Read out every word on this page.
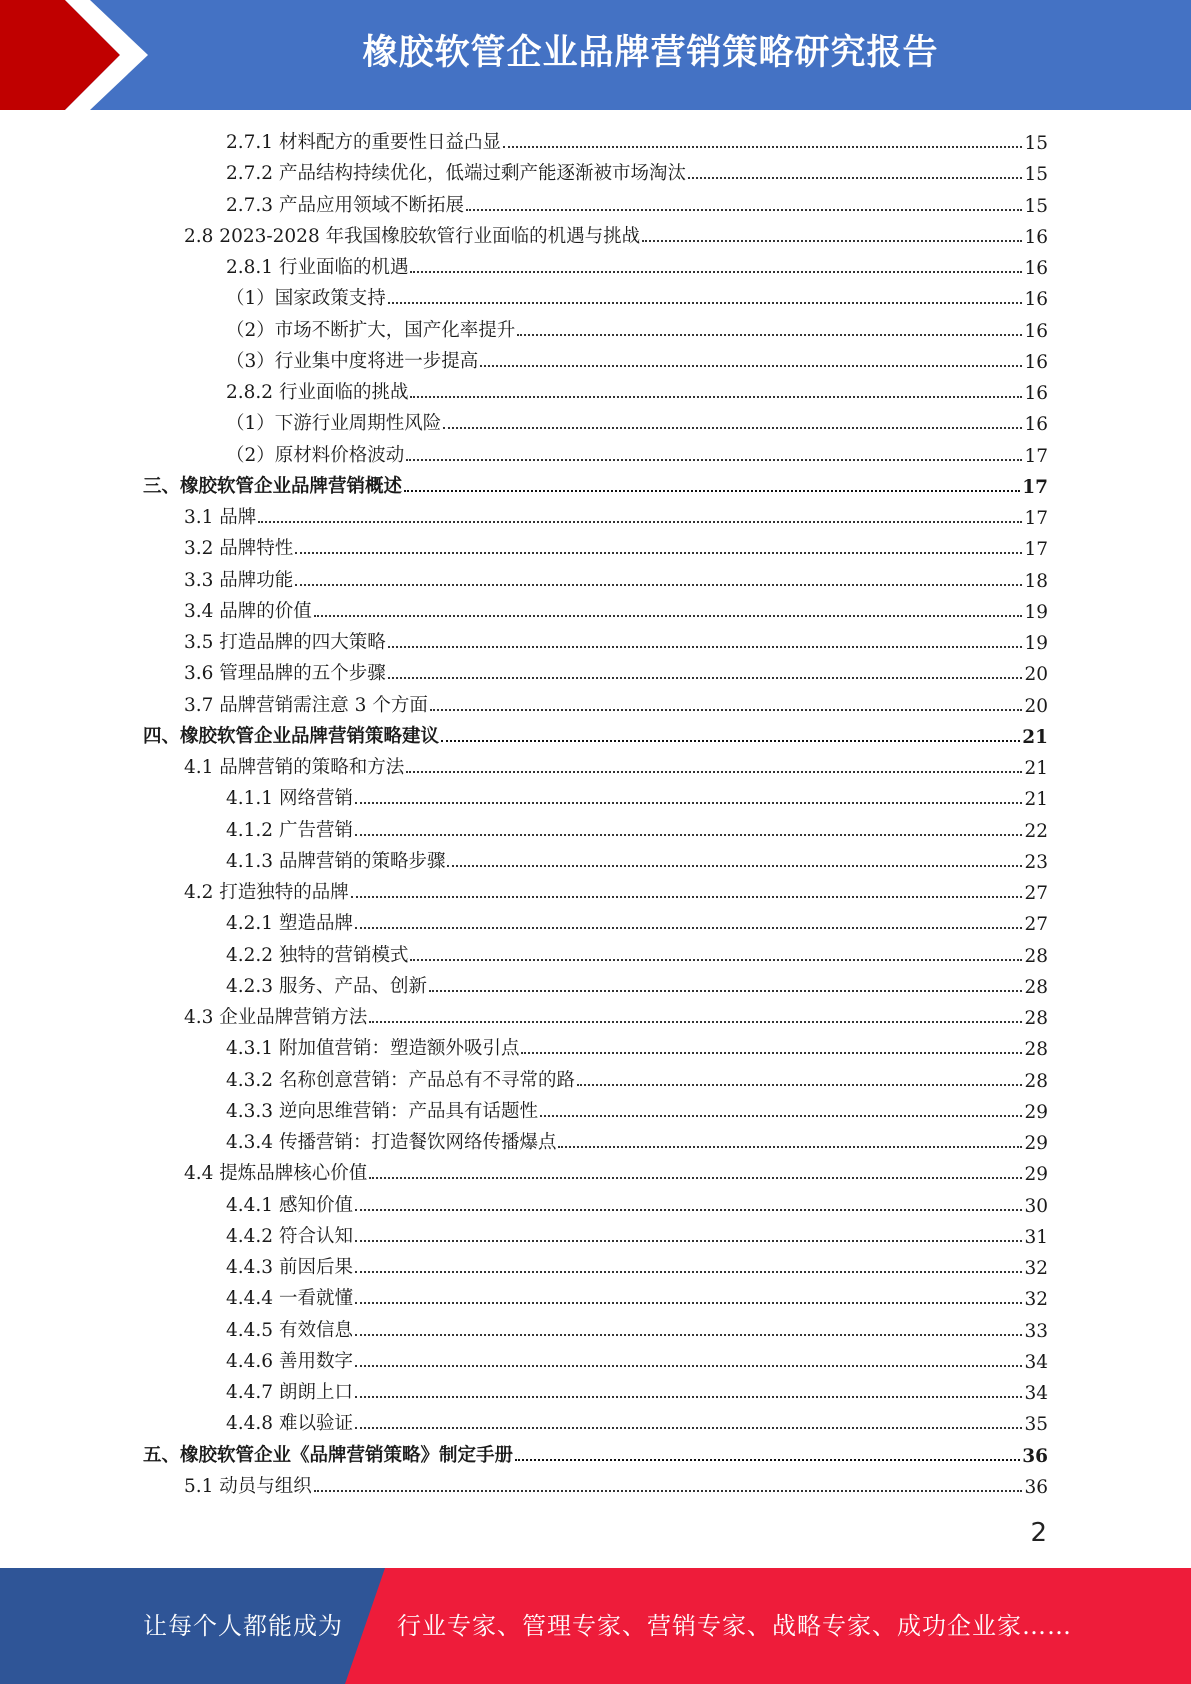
橡胶软管企业品牌营销策略研究报告
2.7.1 材料配方的重要性日益凸显	15
2.7.2 产品结构持续优化，低端过剩产能逐渐被市场淘汰	15
2.7.3 产品应用领域不断拓展	15
2.8 2023-2028 年我国橡胶软管行业面临的机遇与挑战	16
2.8.1 行业面临的机遇	16
（1）国家政策支持	16
（2）市场不断扩大，国产化率提升	16
（3）行业集中度将进一步提高	16
2.8.2 行业面临的挑战	16
（1）下游行业周期性风险	16
（2）原材料价格波动	17
三、橡胶软管企业品牌营销概述	17
3.1 品牌	17
3.2 品牌特性	17
3.3 品牌功能	18
3.4 品牌的价值	19
3.5 打造品牌的四大策略	19
3.6 管理品牌的五个步骤	20
3.7 品牌营销需注意 3 个方面	20
四、橡胶软管企业品牌营销策略建议	21
4.1 品牌营销的策略和方法	21
4.1.1 网络营销	21
4.1.2 广告营销	22
4.1.3 品牌营销的策略步骤	23
4.2 打造独特的品牌	27
4.2.1 塑造品牌	27
4.2.2 独特的营销模式	28
4.2.3 服务、产品、创新	28
4.3 企业品牌营销方法	28
4.3.1 附加值营销：塑造额外吸引点	28
4.3.2 名称创意营销：产品总有不寻常的路	28
4.3.3 逆向思维营销：产品具有话题性	29
4.3.4 传播营销：打造餐饮网络传播爆点	29
4.4 提炼品牌核心价值	29
4.4.1 感知价值	30
4.4.2 符合认知	31
4.4.3 前因后果	32
4.4.4 一看就懂	32
4.4.5 有效信息	33
4.4.6 善用数字	34
4.4.7 朗朗上口	34
4.4.8 难以验证	35
五、橡胶软管企业《品牌营销策略》制定手册	36
5.1 动员与组织	36
2
让每个人都能成为 行业专家、管理专家、营销专家、战略专家、成功企业家……
